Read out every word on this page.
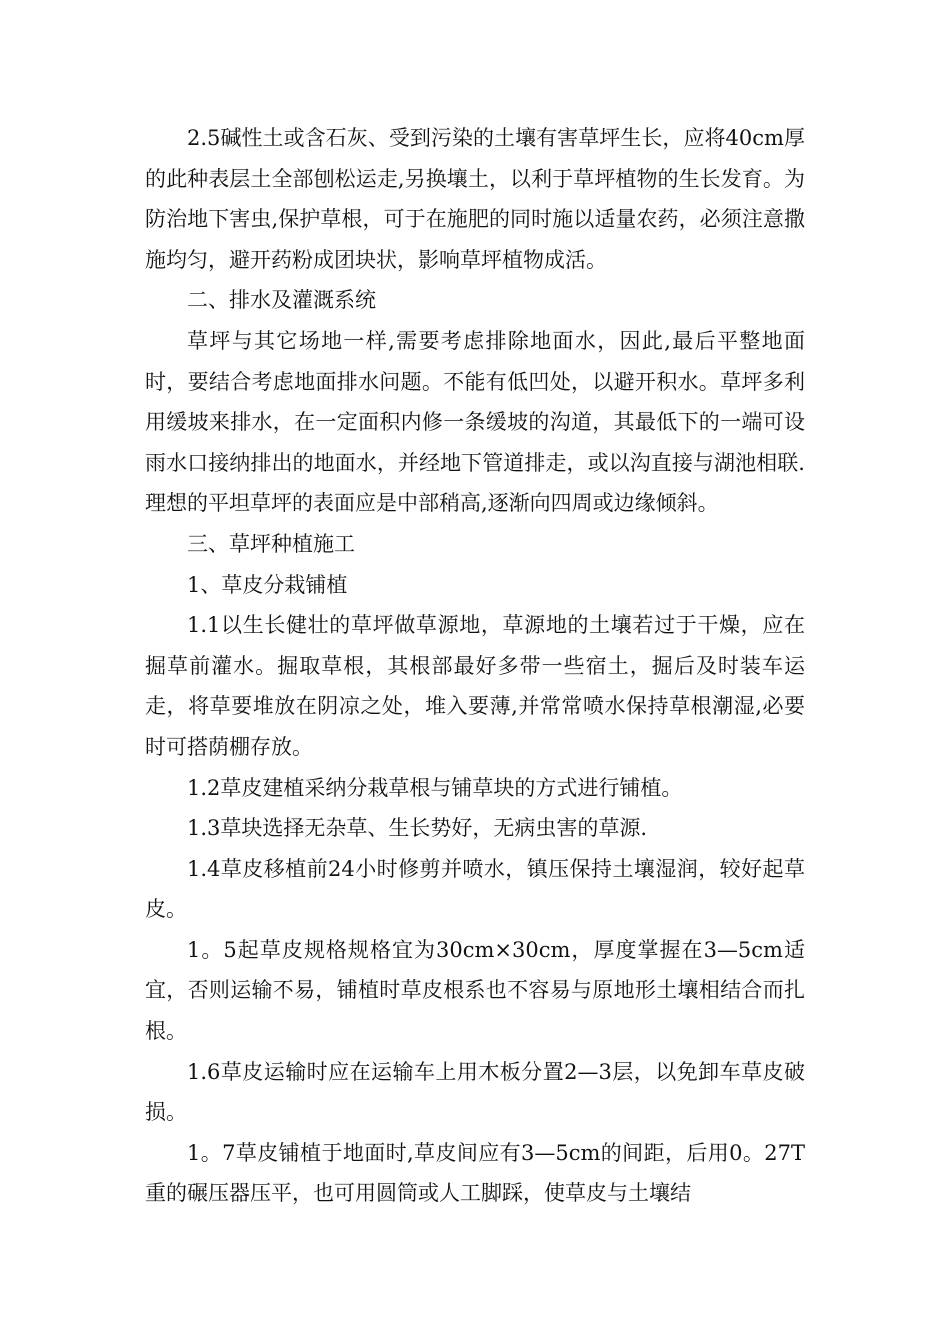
2.5碱性土或含石灰、受到污染的土壤有害草坪生长，应将40cm厚的此种表层土全部刨松运走,另换壤土，以利于草坪植物的生长发育。为防治地下害虫,保护草根，可于在施肥的同时施以适量农药，必须注意撒施均匀，避开药粉成团块状，影响草坪植物成活。

二、排水及灌溉系统

草坪与其它场地一样,需要考虑排除地面水，因此,最后平整地面时，要结合考虑地面排水问题。不能有低凹处，以避开积水。草坪多利用缓坡来排水，在一定面积内修一条缓坡的沟道，其最低下的一端可设雨水口接纳排出的地面水，并经地下管道排走，或以沟直接与湖池相联.理想的平坦草坪的表面应是中部稍高,逐渐向四周或边缘倾斜。

三、草坪种植施工

1、草皮分栽铺植

1.1以生长健壮的草坪做草源地，草源地的土壤若过于干燥，应在掘草前灌水。掘取草根，其根部最好多带一些宿土，掘后及时装车运走，将草要堆放在阴凉之处，堆入要薄,并常常喷水保持草根潮湿,必要时可搭荫棚存放。

1.2草皮建植采纳分栽草根与铺草块的方式进行铺植。

1.3草块选择无杂草、生长势好，无病虫害的草源.

1.4草皮移植前24小时修剪并喷水，镇压保持土壤湿润，较好起草皮。

1。5起草皮规格规格宜为30cm×30cm，厚度掌握在3—5cm适宜，否则运输不易，铺植时草皮根系也不容易与原地形土壤相结合而扎根。

1.6草皮运输时应在运输车上用木板分置2—3层，以免卸车草皮破损。

1。7草皮铺植于地面时,草皮间应有3—5cm的间距，后用0。27T重的碾压器压平，也可用圆筒或人工脚踩，使草皮与土壤结
